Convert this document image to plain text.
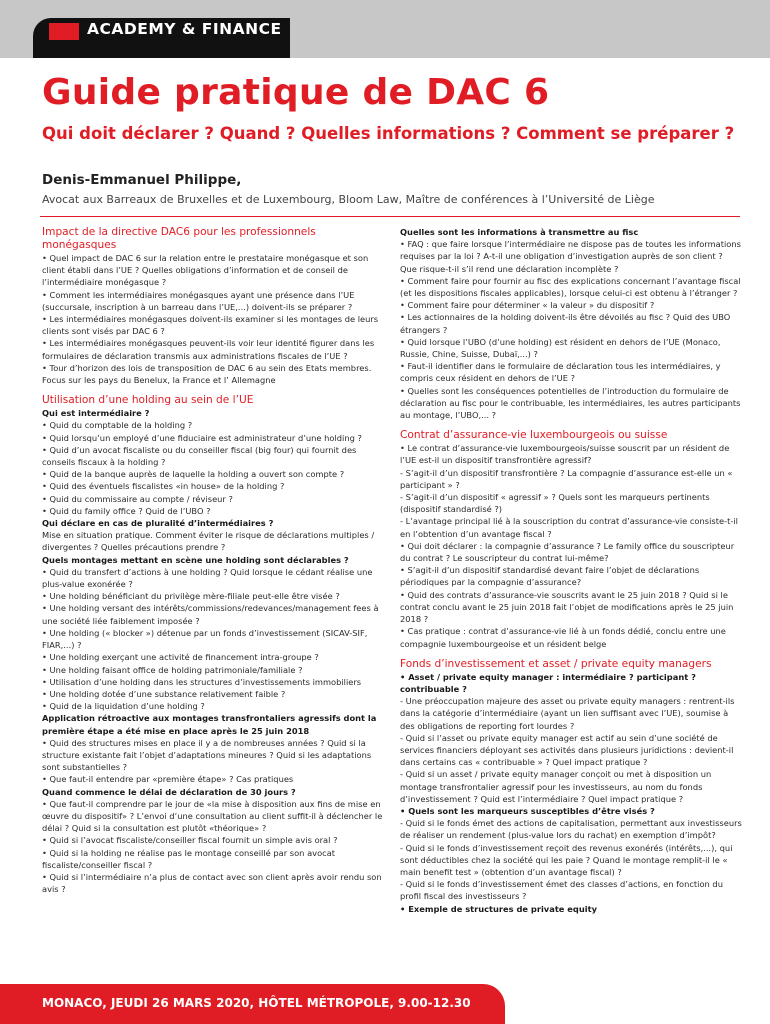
ACADEMY & FINANCE
Guide pratique de DAC 6
Qui doit déclarer ? Quand ? Quelles informations ? Comment se préparer ?
Denis-Emmanuel Philippe,
Avocat aux Barreaux de Bruxelles et de Luxembourg, Bloom Law, Maître de conférences à l’Université de Liège

Impact de la directive DAC6 pour les professionnels monégasques

• Quel impact de DAC 6 sur la relation entre le prestataire monégasque et son client établi dans l’UE ? Quelles obligations d’information et de conseil de l’intermédiaire monégasque ?

• Comment les intermédiaires monégasques ayant une présence dans l’UE (succursale, inscription à un barreau dans l’UE,...) doivent-ils se préparer ?

• Les intermédiaires monégasques doivent-ils examiner si les montages de leurs clients sont visés par DAC 6 ?

• Les intermédiaires monégasques peuvent-ils voir leur identité figurer dans les formulaires de déclaration transmis aux administrations fiscales de l’UE ?

• Tour d’horizon des lois de transposition de DAC 6 au sein des Etats membres. Focus sur les pays du Benelux, la France et l’ Allemagne

Utilisation d’une holding au sein de l’UE

Qui est intermédiaire ?

• Quid du comptable de la holding ?

• Quid lorsqu’un employé d’une fiduciaire est administrateur d’une holding ?

• Quid d’un avocat fiscaliste ou du conseiller fiscal (big four) qui fournit des conseils fiscaux à la holding ?

• Quid de la banque auprès de laquelle la holding a ouvert son compte ?

• Quid des éventuels fiscalistes «in house» de la holding ?

• Quid du commissaire au compte / réviseur ?

• Quid du family office ? Quid de l’UBO ?

Qui déclare en cas de pluralité d’intermédiaires ?

Mise en situation pratique. Comment éviter le risque de déclarations multiples / divergentes ? Quelles précautions prendre ?

Quels montages mettant en scène une holding sont déclarables ?

• Quid du transfert d’actions à une holding ? Quid lorsque le cédant réalise une plus-value exonérée ?

• Une holding bénéficiant du privilège mère-filiale peut-elle être visée ?

• Une holding versant des intérêts/commissions/redevances/management fees à une société liée faiblement imposée ?

• Une holding (« blocker ») détenue par un fonds d’investissement (SICAV-SIF, FIAR,...) ?

• Une holding exerçant une activité de financement intra-groupe ?

• Une holding faisant office de holding patrimoniale/familiale ?

• Utilisation d’une holding dans les structures d’investissements immobiliers

• Une holding dotée d’une substance relativement faible ?

• Quid de la liquidation d’une holding ?

Application rétroactive aux montages transfrontaliers agressifs dont la première étape a été mise en place après le 25 juin 2018

• Quid des structures mises en place il y a de nombreuses années ? Quid si la structure existante fait l’objet d’adaptations mineures ? Quid si les adaptations sont substantielles ?

• Que faut-il entendre par «première étape» ? Cas pratiques

Quand commence le délai de déclaration de 30 jours ?

• Que faut-il comprendre par le jour de «la mise à disposition aux fins de mise en œuvre du dispositif» ? L’envoi d’une consultation au client suffit-il à déclencher le délai ? Quid si la consultation est plutôt «théorique» ?

• Quid si l’avocat fiscaliste/conseiller fiscal fournit un simple avis oral ?

• Quid si la holding ne réalise pas le montage conseillé par son avocat fiscaliste/conseiller fiscal ?

• Quid si l’intermédiaire n’a plus de contact avec son client après avoir rendu son avis ?

Quelles sont les informations à transmettre au fisc

• FAQ : que faire lorsque l’intermédiaire ne dispose pas de toutes les informations requises par la loi ? A-t-il une obligation d’investigation auprès de son client ? Que risque-t-il s’il rend une déclaration incomplète ?

• Comment faire pour fournir au fisc des explications concernant l’avantage fiscal (et les dispositions fiscales applicables), lorsque celui-ci est obtenu à l’étranger ?

• Comment faire pour déterminer « la valeur » du dispositif ?

• Les actionnaires de la holding doivent-ils être dévoilés au fisc ? Quid des UBO étrangers ?

• Quid lorsque l’UBO (d’une holding) est résident en dehors de l’UE (Monaco, Russie, Chine, Suisse, Dubaï,...) ?

• Faut-il identifier dans le formulaire de déclaration tous les intermédiaires, y compris ceux résident en dehors de l’UE ?

• Quelles sont les conséquences potentielles de l’introduction du formulaire de déclaration au fisc pour le contribuable, les intermédiaires, les autres participants au montage, l’UBO,... ?

Contrat d’assurance-vie luxembourgeois ou suisse

• Le contrat d’assurance-vie luxembourgeois/suisse souscrit par un résident de l’UE est-il un dispositif transfrontière agressif?

- S’agit-il d’un dispositif transfrontière ? La compagnie d’assurance est-elle un « participant » ?

- S’agit-il d’un dispositif « agressif » ? Quels sont les marqueurs pertinents (dispositif standardisé ?)

- L’avantage principal lié à la souscription du contrat d’assurance-vie consiste-t-il en l’obtention d’un avantage fiscal ?

• Qui doit déclarer : la compagnie d’assurance ? Le family office du souscripteur du contrat ? Le souscripteur du contrat lui-même?

• S’agit-il d’un dispositif standardisé devant faire l’objet de déclarations périodiques par la compagnie d’assurance?

• Quid des contrats d’assurance-vie souscrits avant le 25 juin 2018 ? Quid si le contrat conclu avant le 25 juin 2018 fait l’objet de modifications après le 25 juin 2018 ?

• Cas pratique : contrat d’assurance-vie lié à un fonds dédié, conclu entre une compagnie luxembourgeoise et un résident belge

Fonds d’investissement et asset / private equity managers

• Asset / private equity manager : intermédiaire ? participant ? contribuable ?

- Une préoccupation majeure des asset ou private equity managers : rentrent-ils dans la catégorie d’intermédiaire (ayant un lien suffisant avec l’UE), soumise à des obligations de reporting fort lourdes ?

- Quid si l’asset ou private equity manager est actif au sein d’une société de services financiers déployant ses activités dans plusieurs juridictions : devient-il dans certains cas « contribuable » ? Quel impact pratique ?

- Quid si un asset / private equity manager conçoit ou met à disposition un montage transfrontalier agressif pour les investisseurs, au nom du fonds d’investissement ? Quid est l’intermédiaire ? Quel impact pratique ?

• Quels sont les marqueurs susceptibles d’être visés ?

- Quid si le fonds émet des actions de capitalisation, permettant aux investisseurs de réaliser un rendement (plus-value lors du rachat) en exemption d’impôt?

- Quid si le fonds d’investissement reçoit des revenus exonérés (intérêts,...), qui sont déductibles chez la société qui les paie ? Quand le montage remplit-il le « main benefit test » (obtention d’un avantage fiscal) ?

- Quid si le fonds d’investissement émet des classes d’actions, en fonction du profil fiscal des investisseurs ?

• Exemple de structures de private equity

MONACO, JEUDI 26 MARS 2020, HÔTEL MÉTROPOLE, 9.00-12.30
